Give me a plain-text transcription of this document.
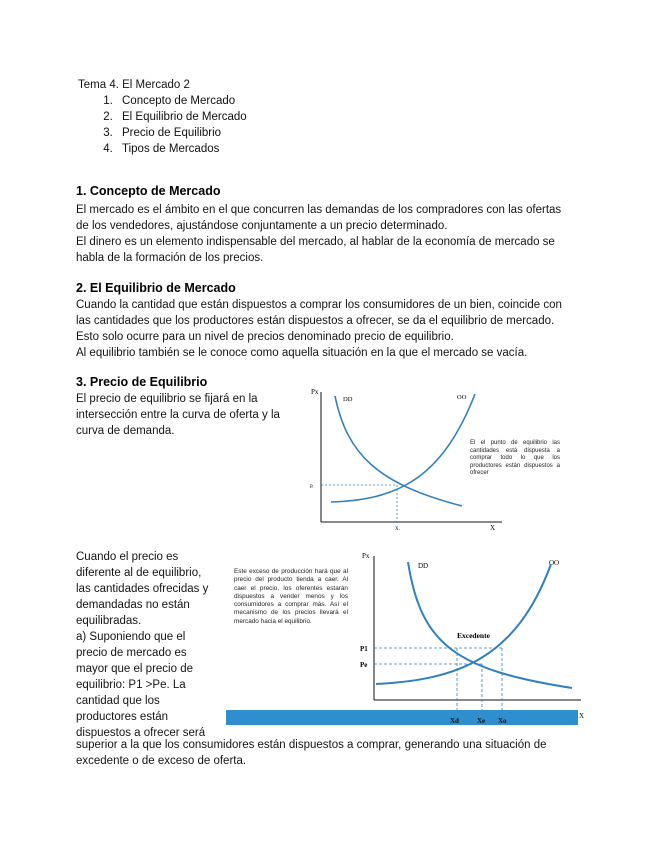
Tema 4. El Mercado 2
1. Concepto de Mercado
2. El Equilibrio de Mercado
3. Precio de Equilibrio
4. Tipos de Mercados
1. Concepto de Mercado
El mercado es el ámbito en el que concurren las demandas de los compradores con las ofertas
de los vendedores, ajustándose conjuntamente a un precio determinado.
El dinero es un elemento indispensable del mercado, al hablar de la economía de mercado se
habla de la formación de los precios.
2. El Equilibrio de Mercado
Cuando la cantidad que están dispuestos a comprar los consumidores de un bien, coincide con
las cantidades que los productores están dispuestos a ofrecer, se da el equilibrio de mercado.
Esto solo ocurre para un nivel de precios denominado precio de equilibrio.
Al equilibrio también se le conoce como aquella situación en la que el mercado se vacía.
3. Precio de Equilibrio
El precio de equilibrio se fijará en la
intersección entre la curva de oferta y la
curva de demanda.
Px
X
DD	OO
P.
X.
El el punto de equilibrio las cantidades está dispuesta a comprar todo lo que los productores están dispuestos a ofrecer
Cuando el precio es
diferente al de equilibrio,
las cantidades ofrecidas y
demandadas no están
equilibradas.
a) Suponiendo que el
precio de mercado es
mayor que el precio de
equilibrio: P1 >Pe. La
cantidad que los
productores están
dispuestos a ofrecer será
Px
DD	OO
Excedente
P1
Pe
Xd	Xe Xo
X
Este exceso de producción hará que al precio del producto tienda a caer. Al caer el precio, los oferentes estarán dispuestos a vender menos y los consumidores a comprar más. Así el mecanismo de los precios llevará el mercado hacia el equilibrio.
superior a la que los consumidores están dispuestos a comprar, generando una situación de
excedente o de exceso de oferta.
